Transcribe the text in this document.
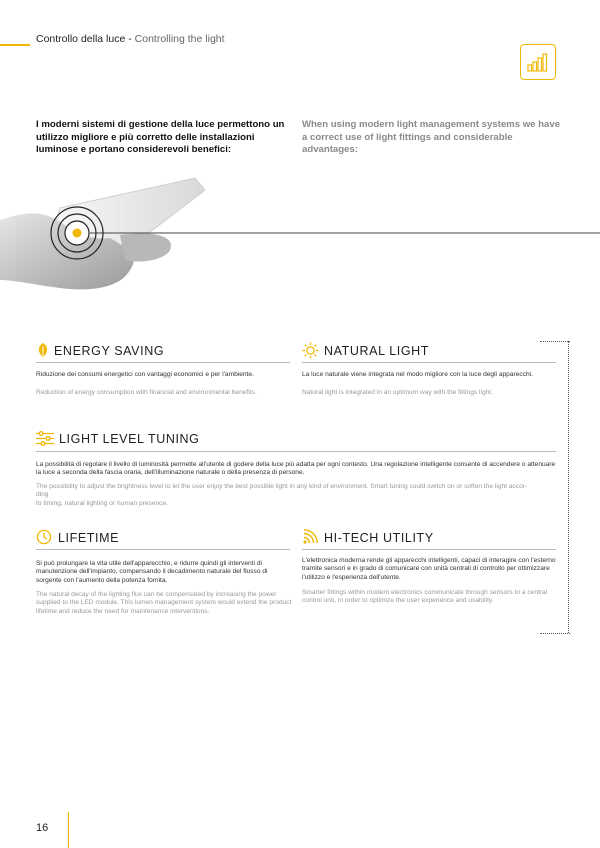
Controllo della luce - Controlling the light
I moderni sistemi di gestione della luce permettono un utilizzo migliore e più corretto delle installazioni luminose e portano considerevoli benefici:
When using modern light management systems we have a correct use of light fittings and considerable advantages:
ENERGY SAVING
Riduzione dei consumi energetici con vantaggi economici e per l'ambiente.
Reduction of energy consumption with financial and environmental benefits.
NATURAL LIGHT
La luce naturale viene integrata nel modo migliore con la luce degli apparecchi.
Natural light is integrated in an optimum way with the fittings light.
LIGHT LEVEL TUNING
La possibilità di regolare il livello di luminosità permette all'utente di godere della luce più adatta per ogni contesto. Una regolazione intelligente consente di accendere o attenuare la luce a seconda della fascia oraria, dell'illuminazione naturale o della presenza di persone.
The possibility to adjust the brightness level to let the user enjoy the best possible light in any kind of environment. Smart tuning could switch on or soften the light accor-
ding
to timing, natural lighting or human presence.
LIFETIME
Si può prolungare la vita utile dell'apparecchio, e ridurre quindi gli interventi di manutenzione dell'impianto, compensando il decadimento naturale del flusso di sorgente con l'aumento della potenza fornita.
The natural decay of the lighting flux can be compensated by increasing the power supplied to the LED module. This lumen management system would extend the product lifetime and reduce the need for maintenance interventions.
HI-TECH UTILITY
L'elettronica moderna rende gli apparecchi intelligenti, capaci di interagire con l'esterno tramite sensori e in grado di comunicare con unità centrali di controllo per ottimizzare l'utilizzo e l'esperienza dell'utente.
Smarter fittings within modern electronics communicate through sensors to a central control unit, in order to optimize the user experience and usability.
16
